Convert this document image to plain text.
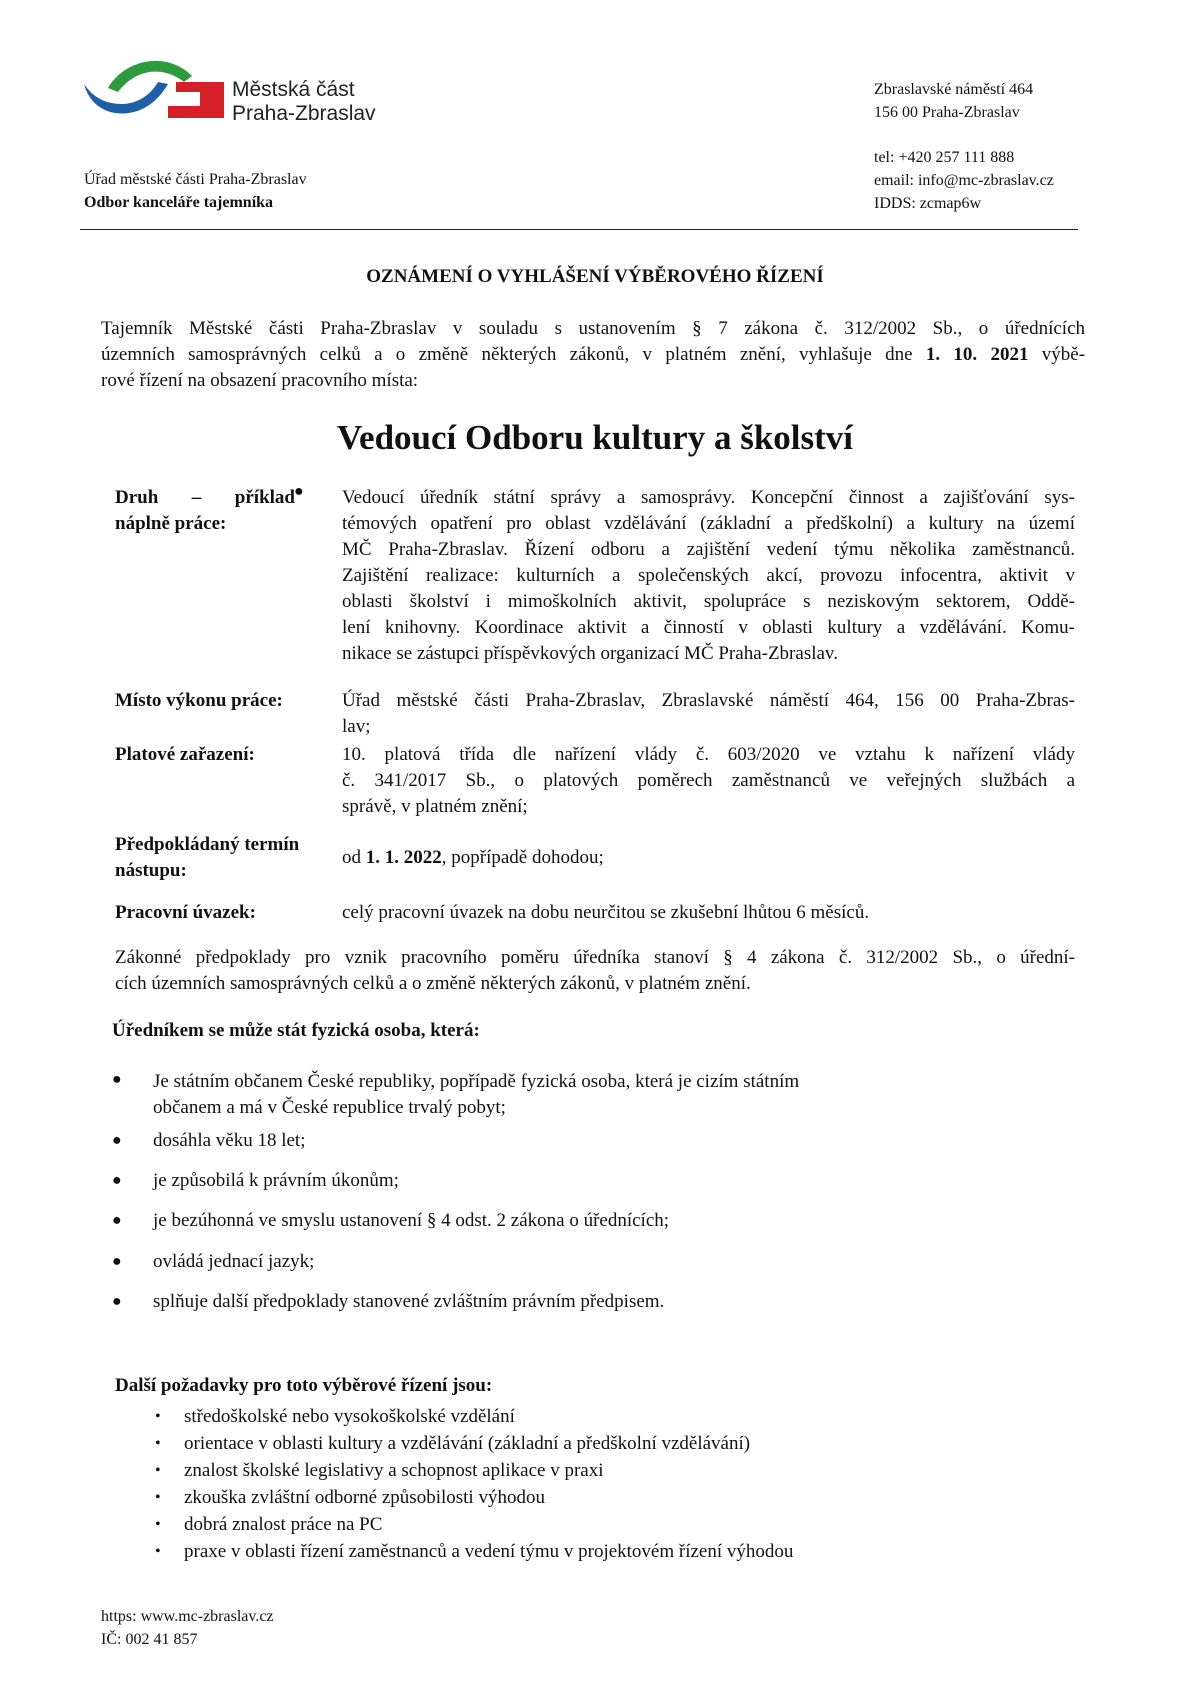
Městská část
Praha-Zbraslav
Úřad městské části Praha-Zbraslav
Odbor kanceláře tajemníka
Zbraslavské náměstí 464
156 00 Praha-Zbraslav
tel: +420 257 111 888
email: info@mc-zbraslav.cz
IDDS: zcmap6w
OZNÁMENÍ O VYHLÁŠENÍ VÝBĚROVÉHO ŘÍZENÍ
Tajemník Městské části Praha-Zbraslav v souladu s ustanovením § 7 zákona č. 312/2002 Sb., o úřednících
územních samosprávných celků a o změně některých zákonů, v platném znění, vyhlašuje dne 1. 10. 2021 výbě-
rové řízení na obsazení pracovního místa:
Vedoucí Odboru kultury a školství
Druh – příklad
náplně práce:
● Vedoucí úředník státní správy a samosprávy. Koncepční činnost a zajišťování sys-
témových opatření pro oblast vzdělávání (základní a předškolní) a kultury na území
MČ Praha-Zbraslav. Řízení odboru a zajištění vedení týmu několika zaměstnanců.
Zajištění realizace: kulturních a společenských akcí, provozu infocentra, aktivit v
oblasti školství i mimoškolních aktivit, spolupráce s neziskovým sektorem, Oddě-
lení knihovny. Koordinace aktivit a činností v oblasti kultury a vzdělávání. Komu-
nikace se zástupci příspěvkových organizací MČ Praha-Zbraslav.
Místo výkonu práce:	Úřad městské části Praha-Zbraslav, Zbraslavské náměstí 464, 156 00 Praha-Zbras-
lav;
Platové zařazení:	10. platová třída dle nařízení vlády č. 603/2020 ve vztahu k nařízení vlády
č. 341/2017 Sb., o platových poměrech zaměstnanců ve veřejných službách a
správě, v platném znění;
Předpokládaný termín
nástupu:
od 1. 1. 2022, popřípadě dohodou;
Pracovní úvazek:	celý pracovní úvazek na dobu neurčitou se zkušební lhůtou 6 měsíců.
Zákonné předpoklady pro vznik pracovního poměru úředníka stanoví § 4 zákona č. 312/2002 Sb., o úřední-
cích územních samosprávných celků a o změně některých zákonů, v platném znění.
Úředníkem se může stát fyzická osoba, která:
● Je státním občanem České republiky, popřípadě fyzická osoba, která je cizím státním
občanem a má v České republice trvalý pobyt;
● dosáhla věku 18 let;
● je způsobilá k právním úkonům;
● je bezúhonná ve smyslu ustanovení § 4 odst. 2 zákona o úřednících;
● ovládá jednací jazyk;
● splňuje další předpoklady stanovené zvláštním právním předpisem.
Další požadavky pro toto výběrové řízení jsou:
•
•
•
•
•
•
středoškolské nebo vysokoškolské vzdělání
orientace v oblasti kultury a vzdělávání (základní a předškolní vzdělávání)
znalost školské legislativy a schopnost aplikace v praxi
zkouška zvláštní odborné způsobilosti výhodou
dobrá znalost práce na PC
praxe v oblasti řízení zaměstnanců a vedení týmu v projektovém řízení výhodou
https: www.mc-zbraslav.cz
IČ: 002 41 857
